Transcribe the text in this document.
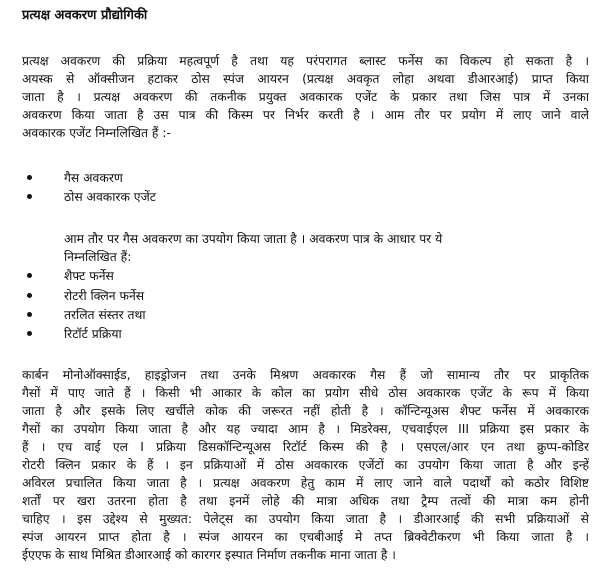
प्रत्यक्ष अवकरण प्रौद्योगिकी
प्रत्यक्ष अवकरण की प्रक्रिया महत्वपूर्ण है तथा यह परंपरागत ब्लास्ट फर्नेस का विकल्प हो सकता है ।
अयस्क से ऑक्सीजन हटाकर ठोस स्पंज आयरन (प्रत्यक्ष अवकृत लोहा अथवा डीआरआई) प्राप्त किया
जाता है । प्रत्यक्ष अवकरण की तकनीक प्रयुक्त अवकारक एजेंट के प्रकार तथा जिस पात्र में उनका
अवकरण किया जाता है उस पात्र की किस्म पर निर्भर करती है । आम तौर पर प्रयोग में लाए जाने वाले
अवकारक एजेंट निम्नलिखित हैं :-
गैस अवकरण
ठोस अवकारक एजेंट
आम तौर पर गैस अवकरण का उपयोग किया जाता है । अवकरण पात्र के आधार पर ये
निम्नलिखित हैं:
शैफ्ट फर्नेस
रोटरी क्लिन फर्नेस
तरलित संस्तर तथा
रिटॉर्ट प्रक्रिया
कार्बन मोनोऑक्साईड, हाइड्रोजन तथा उनके मिश्रण अवकारक गैस हैं जो सामान्य तौर पर प्राकृतिक
गैसों में पाए जाते हैं । किसी भी आकार के कोल का प्रयोग सीधे ठोस अवकारक एजेंट के रूप में किया
जाता है और इसके लिए खर्चीले कोक की जरूरत नहीं होती है । कॉन्टिन्यूअस शैफ्ट फर्नेस में अवकारक
गैसों का उपयोग किया जाता है और यह ज्यादा आम है । मिडरेक्स, एचवाईएल III प्रक्रिया इस प्रकार के
हैं । एच वाई एल I प्रक्रिया डिसकॉन्टिन्यूअस रिटॉर्ट किस्म की है । एसएल/आर एन तथा क्रुप्प-कोडिर
रोटरी क्लिन प्रकार के हैं । इन प्रक्रियाओं में ठोस अवकारक एजेंटों का उपयोग किया जाता है और इन्हें
अविरल प्रचालित किया जाता है । प्रत्यक्ष अवकरण हेतु काम में लाए जाने वाले पदार्थों को कठोर विशिष्ट
शर्तों पर खरा उतरना होता है तथा इनमें लोहे की मात्रा अधिक तथा ट्रैम्प तत्वों की मात्रा कम होनी
चाहिए । इस उद्देश्य से मुख्यत: पेलेट्स का उपयोग किया जाता है । डीआरआई की सभी प्रक्रियाओं से
स्पंज आयरन प्राप्त होता है । स्पंज आयरन का एचबीआई मे तप्त ब्रिक्वेटीकरण भी किया जाता है ।
ईएएफ के साथ मिश्रित डीआरआई को कारगर इस्पात निर्माण तकनीक माना जाता है ।
